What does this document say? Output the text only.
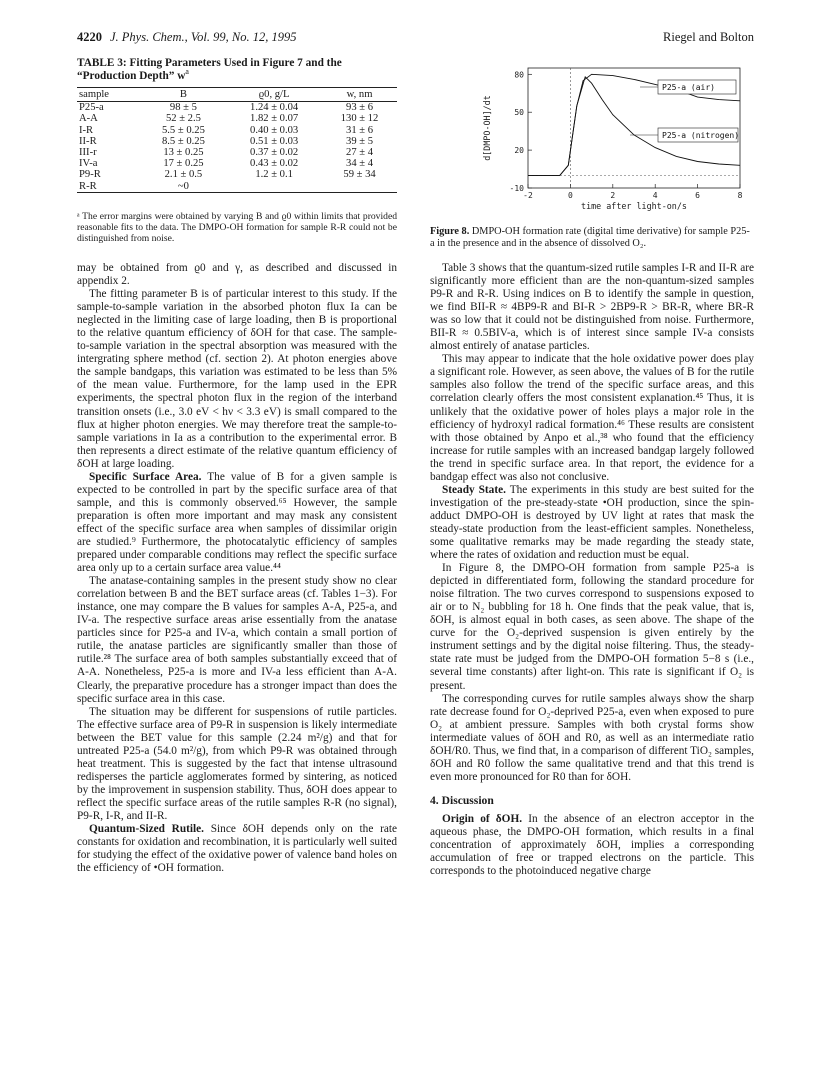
4220 J. Phys. Chem., Vol. 99, No. 12, 1995	Riegel and Bolton
TABLE 3: Fitting Parameters Used in Figure 7 and the “Production Depth” $w^a$
sample	B	ϱ0, g/L	w, nm
P25-a	98 ± 5	1.24 ± 0.04	93 ± 6
A-A	52 ± 2.5	1.82 ± 0.07	130 ± 12
I-R	5.5 ± 0.25	0.40 ± 0.03	31 ± 6
II-R	8.5 ± 0.25	0.51 ± 0.03	39 ± 5
III-r	13 ± 0.25	0.37 ± 0.02	27 ± 4
IV-a	17 ± 0.25	0.43 ± 0.02	34 ± 4
P9-R	2.1 ± 0.5	1.2 ± 0.1	59 ± 34
R-R	~0		
ᵃ The error margins were obtained by varying B and ϱ0 within limits that provided reasonable fits to the data. The DMPO-OH formation for sample R-R could not be distinguished from noise.
-10
20
50
80
-2	0	2	4	6	8
time after light-on/s
d[DMPO-OH]/dt
P25-a (air)
P25-a (nitrogen)
Figure 8. DMPO-OH formation rate (digital time derivative) for sample P25-a in the presence and in the absence of dissolved O₂.

may be obtained from ϱ0 and γ, as described and discussed in appendix 2.

The fitting parameter B is of particular interest to this study. If the sample-to-sample variation in the absorbed photon flux Ia can be neglected in the limiting case of large loading, then B is proportional to the relative quantum efficiency of δOH for that case. The sample-to-sample variation in the spectral absorption was measured with the intergrating sphere method (cf. section 2). At photon energies above the sample bandgaps, this variation was estimated to be less than 5% of the mean value. Furthermore, for the lamp used in the EPR experiments, the spectral photon flux in the region of the interband transition onsets (i.e., 3.0 eV < hν < 3.3 eV) is small compared to the flux at higher photon energies. We may therefore treat the sample-to-sample variations in Ia as a contribution to the experimental error. B then represents a direct estimate of the relative quantum efficiency of δOH at large loading.

Specific Surface Area. The value of B for a given sample is expected to be controlled in part by the specific surface area of that sample, and this is commonly observed.⁶⁵ However, the sample preparation is often more important and may mask any consistent effect of the specific surface area when samples of dissimilar origin are studied.⁹ Furthermore, the photocatalytic efficiency of samples prepared under comparable conditions may reflect the specific surface area only up to a certain surface area value.⁴⁴

The anatase-containing samples in the present study show no clear correlation between B and the BET surface areas (cf. Tables 1−3). For instance, one may compare the B values for samples A-A, P25-a, and IV-a. The respective surface areas arise essentially from the anatase particles since for P25-a and IV-a, which contain a small portion of rutile, the anatase particles are significantly smaller than those of rutile.²⁸ The surface area of both samples substantially exceed that of A-A. Nonetheless, P25-a is more and IV-a less efficient than A-A. Clearly, the preparative procedure has a stronger impact than does the specific surface area in this case.

The situation may be different for suspensions of rutile particles. The effective surface area of P9-R in suspension is likely intermediate between the BET value for this sample (2.24 m²/g) and that for untreated P25-a (54.0 m²/g), from which P9-R was obtained through heat treatment. This is suggested by the fact that intense ultrasound redisperses the particle agglomerates formed by sintering, as noticed by the improvement in suspension stability. Thus, δOH does appear to reflect the specific surface areas of the rutile samples R-R (no signal), P9-R, I-R, and II-R.

Quantum-Sized Rutile. Since δOH depends only on the rate constants for oxidation and recombination, it is particularly well suited for studying the effect of the oxidative power of valence band holes on the efficiency of •OH formation.

Table 3 shows that the quantum-sized rutile samples I-R and II-R are significantly more efficient than are the non-quantum-sized samples P9-R and R-R. Using indices on B to identify the sample in question, we find BII-R ≈ 4BP9-R and BI-R > 2BP9-R > BR-R, where BR-R was so low that it could not be distinguished from noise. Furthermore, BII-R ≈ 0.5BIV-a, which is of interest since sample IV-a consists almost entirely of anatase particles.

This may appear to indicate that the hole oxidative power does play a significant role. However, as seen above, the values of B for the rutile samples also follow the trend of the specific surface areas, and this correlation clearly offers the most consistent explanation.⁴⁵ Thus, it is unlikely that the oxidative power of holes plays a major role in the efficiency of hydroxyl radical formation.⁴⁶ These results are consistent with those obtained by Anpo et al.,³⁸ who found that the efficiency increase for rutile samples with an increased bandgap largely followed the trend in specific surface area. In that report, the evidence for a bandgap effect was also not conclusive.

Steady State. The experiments in this study are best suited for the investigation of the pre-steady-state •OH production, since the spin-adduct DMPO-OH is destroyed by UV light at rates that mask the steady-state production from the least-efficient samples. Nonetheless, some qualitative remarks may be made regarding the steady state, where the rates of oxidation and reduction must be equal.

In Figure 8, the DMPO-OH formation from sample P25-a is depicted in differentiated form, following the standard procedure for noise filtration. The two curves correspond to suspensions exposed to air or to N₂ bubbling for 18 h. One finds that the peak value, that is, δOH, is almost equal in both cases, as seen above. The shape of the curve for the O₂-deprived suspension is given entirely by the instrument settings and by the digital noise filtering. Thus, the steady-state rate must be judged from the DMPO-OH formation 5−8 s (i.e., several time constants) after light-on. This rate is significant if O₂ is present.

The corresponding curves for rutile samples always show the sharp rate decrease found for O₂-deprived P25-a, even when exposed to pure O₂ at ambient pressure. Samples with both crystal forms show intermediate values of δOH and R0, as well as an intermediate ratio δOH/R0. Thus, we find that, in a comparison of different TiO₂ samples, δOH and R0 follow the same qualitative trend and that this trend is even more pronounced for R0 than for δOH.

4. Discussion

Origin of δOH. In the absence of an electron acceptor in the aqueous phase, the DMPO-OH formation, which results in a final concentration of approximately δOH, implies a corresponding accumulation of free or trapped electrons on the particle. This corresponds to the photoinduced negative charge
